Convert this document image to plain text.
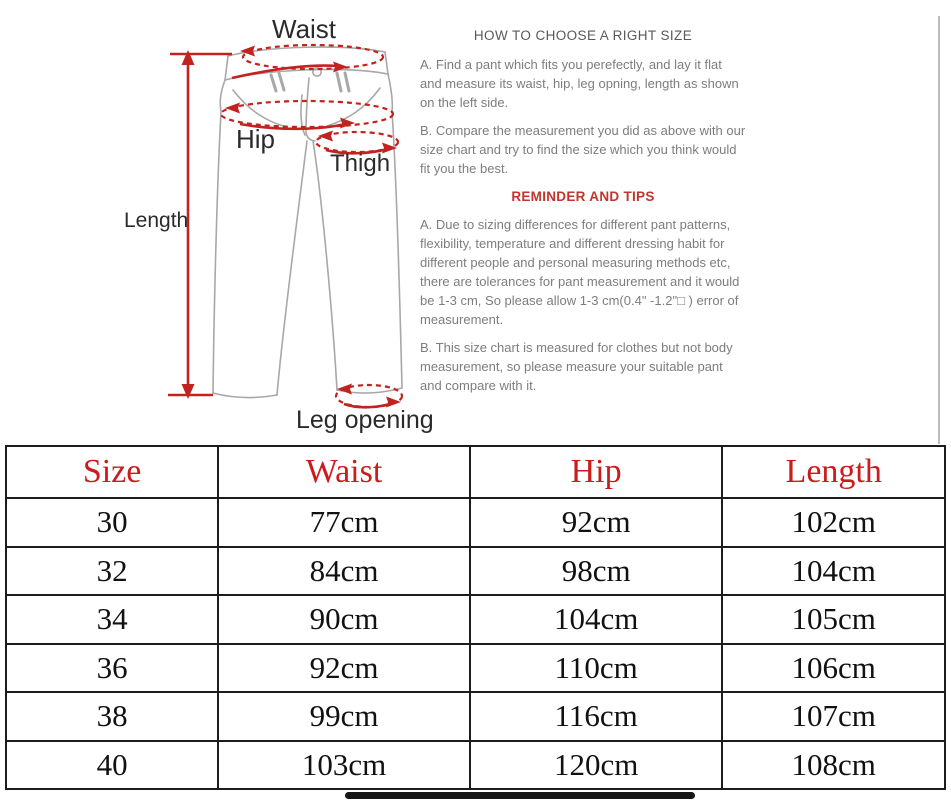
Waist
Hip
Thigh
Length
Leg opening
HOW TO CHOOSE A RIGHT SIZE

A. Find a pant which fits you perefectly, and lay it flat and measure its waist, hip, leg opning, length as shown on the left side.

B. Compare the measurement you did as above with our size chart and try to find the size which you think would fit you the best.

REMINDER AND TIPS

A. Due to sizing differences for different pant patterns, flexibility, temperature and different dressing habit for different people and personal measuring methods etc, there are tolerances for pant measurement and it would be 1-3 cm, So please allow 1-3 cm(0.4" -1.2"□ ) error of measurement.

B. This size chart is measured for clothes but not body measurement, so please measure your suitable pant and compare with it.

Size	Waist	Hip	Length
30	77cm	92cm	102cm
32	84cm	98cm	104cm
34	90cm	104cm	105cm
36	92cm	110cm	106cm
38	99cm	116cm	107cm
40	103cm	120cm	108cm
